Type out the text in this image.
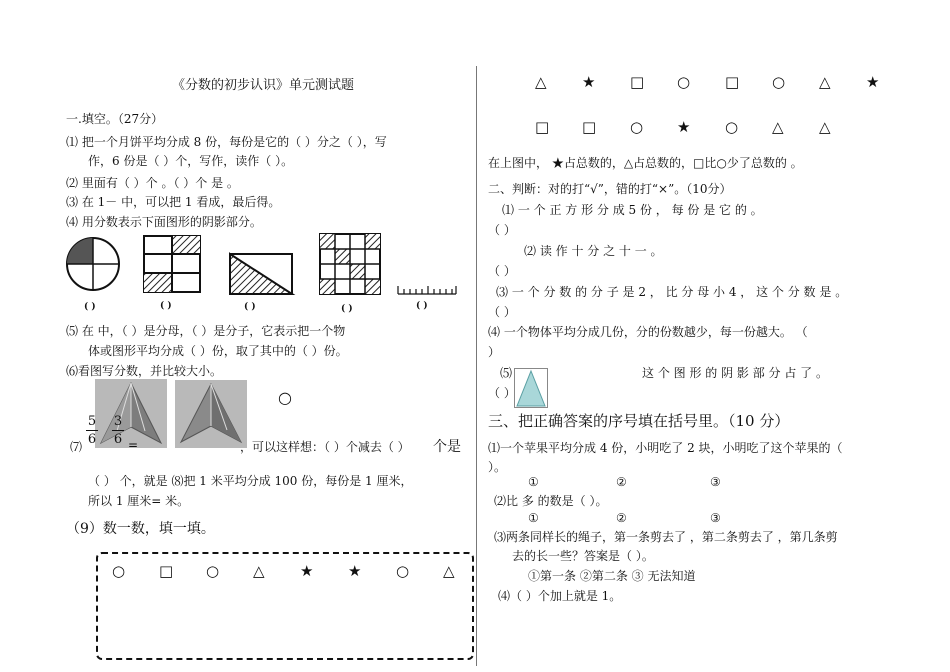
《分数的初步认识》单元测试题
一.填空。（27分）
⑴ 把一个月饼平均分成 8 份，每份是它的（ ）分之（ ），写
作，6 份是（ ）个，写作，读作（ ）。
⑵ 里面有（ ）个 。（ ）个 是 。
⑶ 在 1－ 中，可以把 1 看成，最后得。
⑷ 用分数表示下面图形的阴影部分。
( )	( )	( )	( )	( )
⑸ 在 中，（ ）是分母，（ ）是分子，它表示把一个物
体或图形平均分成（ ）份，取了其中的（ ）份。
⑹看图写分数，并比较大小。
○
⑺
5
6
3
6 =	，可以这样想：（ ）个减去（ ） 个是
（ ） 个，就是 ⑻把 1 米平均分成 100 份，每份是 1 厘米，
所以 1 厘米= 米。
（9）数一数，填一填。
○ □ ○ △ ★ ★ ○ △
△ ★ □ ○ □ ○ △ ★
□ □ ○ ★ ○ △ △
在上图中， ★占总数的，△占总数的，□比○少了总数的 。
二、判断：对的打“√”，错的打“×”。（10分）
⑴ 一 个 正 方 形 分 成 5 份 ， 每 份 是 它 的 。
（ ）
⑵ 读 作 十 分 之 十 一 。
（ ）
⑶ 一 个 分 数 的 分 子 是 2 ， 比 分 母 小 4 ， 这 个 分 数 是 。
（ ）
⑷ 一个物体平均分成几份，分的份数越少，每一份越大。 （
）
⑸	这 个 图 形 的 阴 影 部 分 占 了 。
（ ）
三、把正确答案的序号填在括号里。（10 分）
⑴一个苹果平均分成 4 份，小明吃了 2 块，小明吃了这个苹果的（
）。
①	②	③
⑵比 多 的数是（ ）。
①	②	③
⑶两条同样长的绳子，第一条剪去了 ，第二条剪去了 ，第几条剪
去的长一些？答案是（ ）。
①第一条 ②第二条 ③ 无法知道
⑷（ ）个加上就是 1。
